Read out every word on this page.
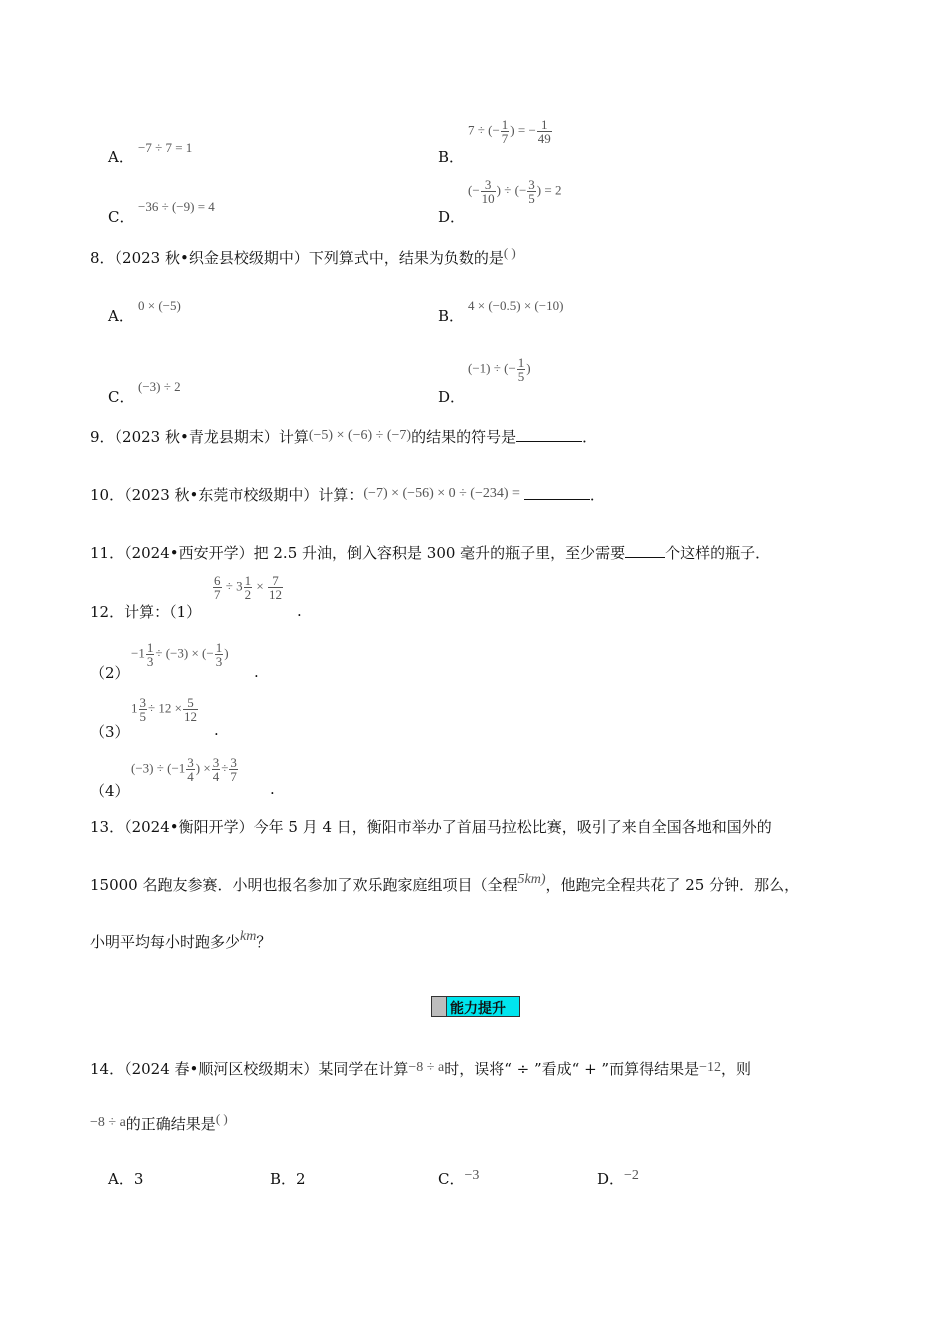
A．
−7 ÷ 7 = 1
B．
7 ÷ (− $\frac{1}{7}$ ) = − $\frac{1}{49}$
C．
−36 ÷ (−9) = 4
D．
(− $\frac{3}{10}$ ) ÷ (− $\frac{3}{5}$ ) = 2
8．（2023 秋•织金县校级期中）下列算式中，结果为负数的是( )
A．
0 × (−5)
B．
4 × (−0.5) × (−10)
C．
(−3) ÷ 2
D．
(−1) ÷ (− $\frac{1}{5}$ )
9．（2023 秋•青龙县期末）计算(−5) × (−6) ÷ (−7)的结果的符号是	．
10．（2023 秋•东莞市校级期中）计算：(−7) × (−56) × 0 ÷ (−234) =	．
11．（2024•西安开学）把 2.5 升油，倒入容积是 300 毫升的瓶子里，至少需要	个这样的瓶子．
12．计算：（1）
$\frac{6}{7} \div 3 \frac{1}{2} \times \frac{7}{12}$
.
（2）
$-1 \frac{1}{3} \div (-3)$ × (− $\frac{1}{3}$ )
.
（3）
$1 \frac{3}{5} \div 12 \times \frac{5}{12}$
.
（4）
$(-3) \div (-1 \frac{3}{4}$ ) × $\frac{3}{4} \div \frac{3}{7}$
.
13．（2024•衡阳开学）今年 5 月 4 日，衡阳市举办了首届马拉松比赛，吸引了来自全国各地和国外的
15000 名跑友参赛．小明也报名参加了欢乐跑家庭组项目（全程5km)，他跑完全程共花了 25 分钟．那么，
小明平均每小时跑多少km？
能力提升
14．（2024 春•顺河区校级期末）某同学在计算−8 ÷ a时，误将“ ÷ ”看成“ + ”而算得结果是−12，则
−8 ÷ a的正确结果是( )
A．3	B．2	C．−3	D．−2
